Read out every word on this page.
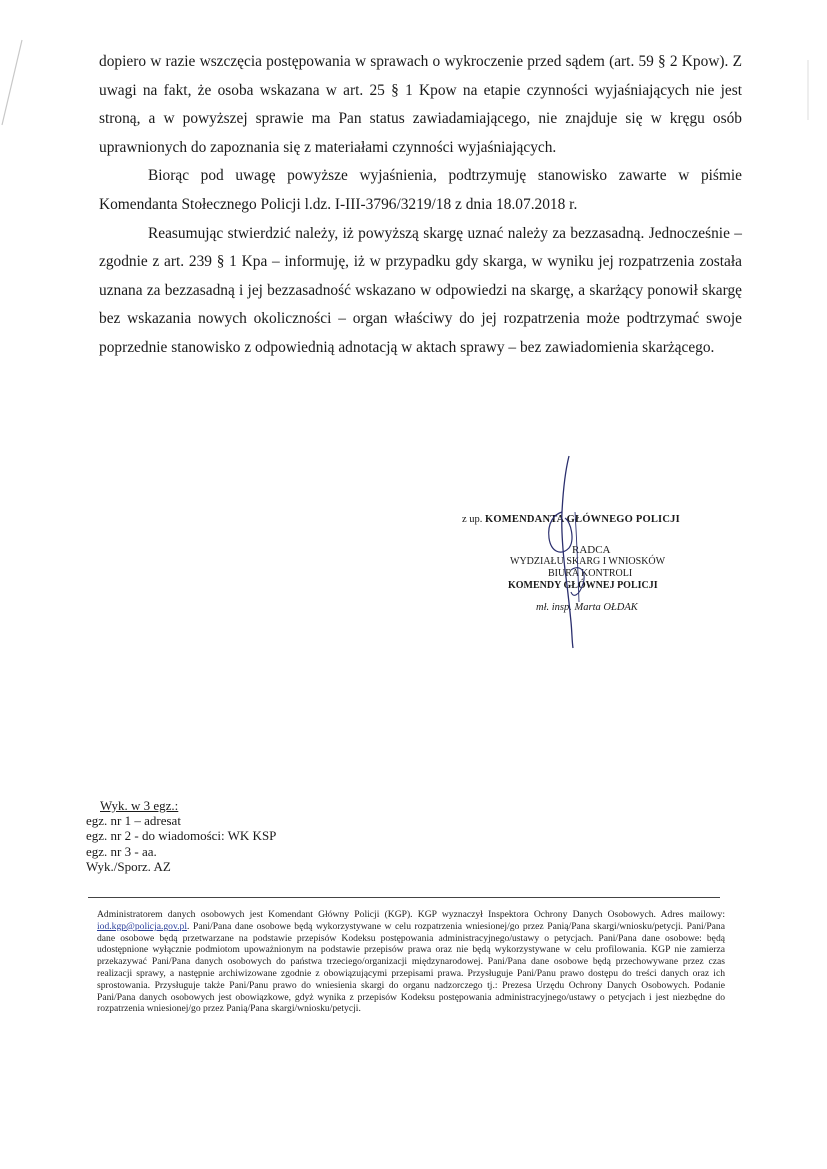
dopiero w razie wszczęcia postępowania w sprawach o wykroczenie przed sądem (art. 59 § 2 Kpow). Z uwagi na fakt, że osoba wskazana w art. 25 § 1 Kpow na etapie czynności wyjaśniających nie jest stroną, a w powyższej sprawie ma Pan status zawiadamiającego, nie znajduje się w kręgu osób uprawnionych do zapoznania się z materiałami czynności wyjaśniających.

Biorąc pod uwagę powyższe wyjaśnienia, podtrzymuję stanowisko zawarte w piśmie Komendanta Stołecznego Policji l.dz. I-III-3796/3219/18 z dnia 18.07.2018 r.

Reasumując stwierdzić należy, iż powyższą skargę uznać należy za bezzasadną. Jednocześnie – zgodnie z art. 239 § 1 Kpa – informuję, iż w przypadku gdy skarga, w wyniku jej rozpatrzenia została uznana za bezzasadną i jej bezzasadność wskazano w odpowiedzi na skargę, a skarżący ponowił skargę bez wskazania nowych okoliczności – organ właściwy do jej rozpatrzenia może podtrzymać swoje poprzednie stanowisko z odpowiednią adnotacją w aktach sprawy – bez zawiadomienia skarżącego.

z up. KOMENDANTA GŁÓWNEGO POLICJI
RADCA
WYDZIAŁU SKARG I WNIOSKÓW
BIURA KONTROLI
KOMENDY GŁÓWNEJ POLICJI
mł. insp. Marta OŁDAK
Wyk. w 3 egz.:
egz. nr 1 – adresat
egz. nr 2 - do wiadomości: WK KSP
egz. nr 3 - aa.
Wyk./Sporz. AZ
Administratorem danych osobowych jest Komendant Główny Policji (KGP). KGP wyznaczył Inspektora Ochrony Danych Osobowych. Adres mailowy: iod.kgp@policja.gov.pl. Pani/Pana dane osobowe będą wykorzystywane w celu rozpatrzenia wniesionej/go przez Panią/Pana skargi/wniosku/petycji. Pani/Pana dane osobowe będą przetwarzane na podstawie przepisów Kodeksu postępowania administracyjnego/ustawy o petycjach. Pani/Pana dane osobowe: będą udostępnione wyłącznie podmiotom upoważnionym na podstawie przepisów prawa oraz nie będą wykorzystywane w celu profilowania. KGP nie zamierza przekazywać Pani/Pana danych osobowych do państwa trzeciego/organizacji międzynarodowej. Pani/Pana dane osobowe będą przechowywane przez czas realizacji sprawy, a następnie archiwizowane zgodnie z obowiązującymi przepisami prawa. Przysługuje Pani/Panu prawo dostępu do treści danych oraz ich sprostowania. Przysługuje także Pani/Panu prawo do wniesienia skargi do organu nadzorczego tj.: Prezesa Urzędu Ochrony Danych Osobowych. Podanie Pani/Pana danych osobowych jest obowiązkowe, gdyż wynika z przepisów Kodeksu postępowania administracyjnego/ustawy o petycjach i jest niezbędne do rozpatrzenia wniesionej/go przez Panią/Pana skargi/wniosku/petycji.
